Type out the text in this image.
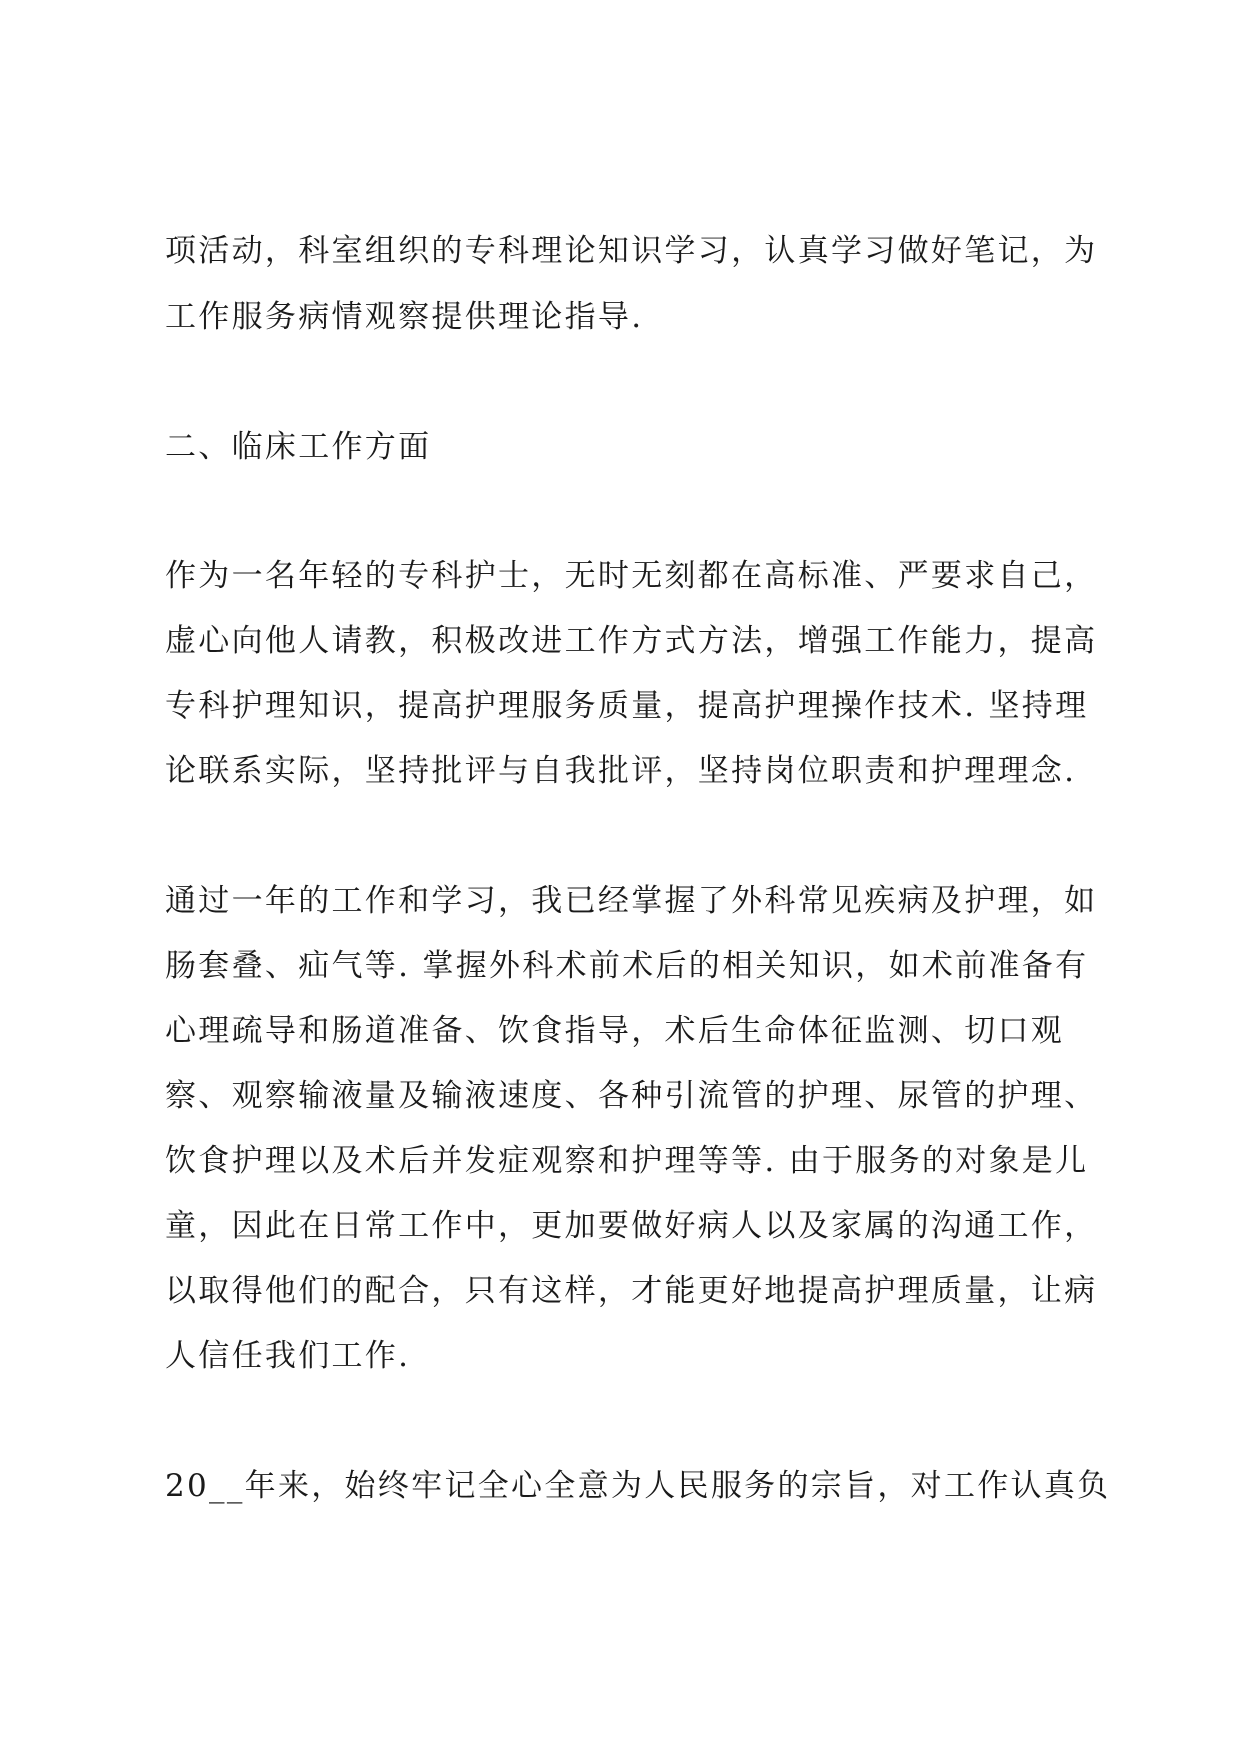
项活动，科室组织的专科理论知识学习，认真学习做好笔记，为
工作服务病情观察提供理论指导.
二、临床工作方面
作为一名年轻的专科护士，无时无刻都在高标准、严要求自己，
虚心向他人请教，积极改进工作方式方法，增强工作能力，提高
专科护理知识，提高护理服务质量，提高护理操作技术. 坚持理
论联系实际，坚持批评与自我批评，坚持岗位职责和护理理念.
通过一年的工作和学习，我已经掌握了外科常见疾病及护理，如
肠套叠、疝气等. 掌握外科术前术后的相关知识，如术前准备有
心理疏导和肠道准备、饮食指导，术后生命体征监测、切口观
察、观察输液量及输液速度、各种引流管的护理、尿管的护理、
饮食护理以及术后并发症观察和护理等等. 由于服务的对象是儿
童，因此在日常工作中，更加要做好病人以及家属的沟通工作，
以取得他们的配合，只有这样，才能更好地提高护理质量，让病
人信任我们工作.
20__年来，始终牢记全心全意为人民服务的宗旨，对工作认真负
